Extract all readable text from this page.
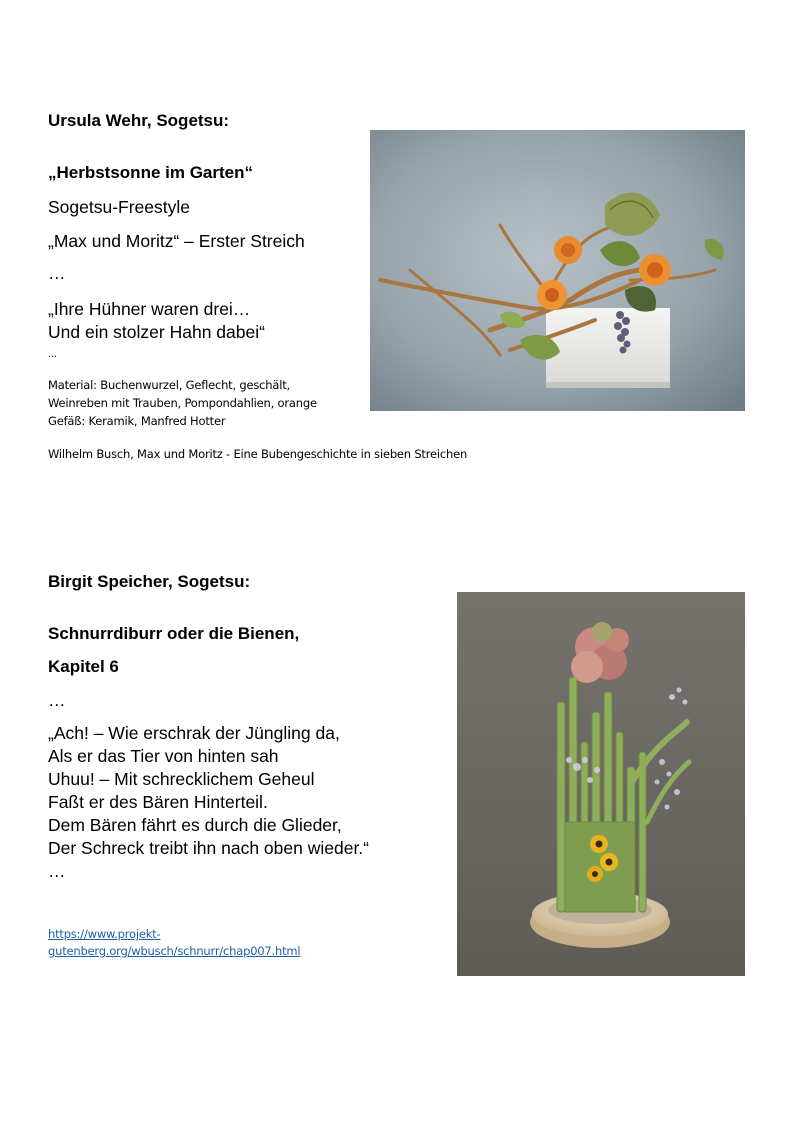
Ursula Wehr, Sogetsu:

„Herbstsonne im Garten“

Sogetsu-Freestyle

„Max und Moritz“ – Erster Streich

…

„Ihre Hühner waren drei…

Und ein stolzer Hahn dabei“

…

Material: Buchenwurzel, Geflecht, geschält,

Weinreben mit Trauben, Pompondahlien, orange

Gefäß: Keramik, Manfred Hotter

Wilhelm Busch, Max und Moritz - Eine Bubengeschichte in sieben Streichen

Birgit Speicher, Sogetsu:

Schnurrdiburr oder die Bienen,

Kapitel 6

…

„Ach! – Wie erschrak der Jüngling da,
Als er das Tier von hinten sah
Uhuu! – Mit schrecklichem Geheul
Faßt er des Bären Hinterteil.
Dem Bären fährt es durch die Glieder,
Der Schreck treibt ihn nach oben wieder.“
…
https://www.projekt-
gutenberg.org/wbusch/schnurr/chap007.html
